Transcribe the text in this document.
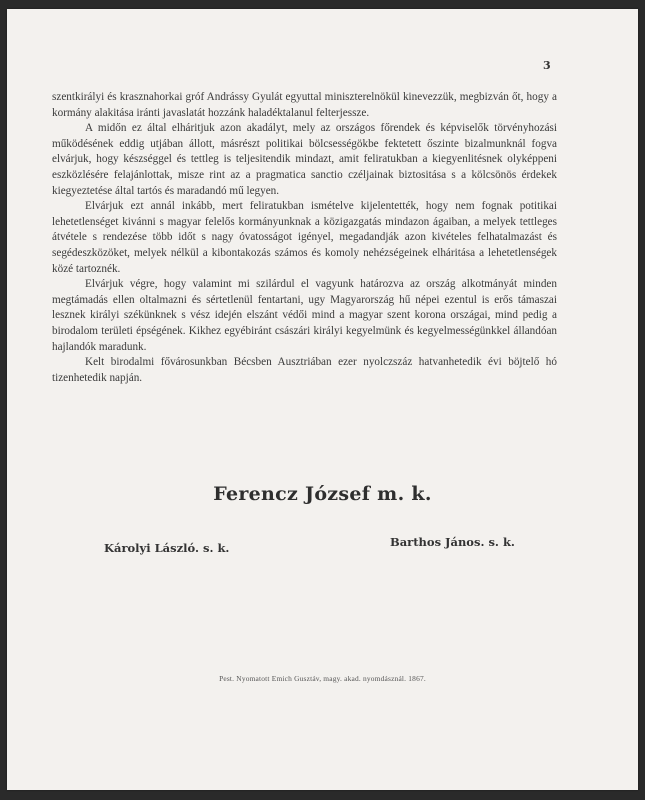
3

szentkirályi és krasznahorkai gróf Andrássy Gyulát egyuttal miniszterelnökül kinevezzük, megbizván őt, hogy a kormány alakitása iránti javaslatát hozzánk haladéktalanul felterjessze.

A midőn ez által elháritjuk azon akadályt, mely az országos főrendek és képviselők törvényhozási működésének eddig utjában állott, másrészt politikai bölcsességökbe fektetett őszinte bizalmunknál fogva elvárjuk, hogy készséggel és tettleg is teljesitendik mindazt, amit feliratukban a kiegyenlitésnek olyképpeni eszközlésére felajánlottak, misze rint az a pragmatica sanctio czéljainak biztositása s a kölcsönös érdekek kiegyeztetése által tartós és maradandó mű legyen.

Elvárjuk ezt annál inkább, mert feliratukban ismételve kijelentették, hogy nem fognak potitikai lehetetlenséget kivánni s magyar felelős kormányunknak a közigazgatás mindazon ágaiban, a melyek tettleges átvétele s rendezése több időt s nagy óvatosságot igényel, megadandják azon kivételes felhatalmazást és segédeszközöket, melyek nélkül a kibontakozás számos és komoly nehézségeinek elháritása a lehetetlenségek közé tartoznék.

Elvárjuk végre, hogy valamint mi szilárdul el vagyunk határozva az ország alkotmányát minden megtámadás ellen oltalmazni és sértetlenül fentartani, ugy Magyarország hű népei ezentul is erős támaszai lesznek királyi székünknek s vész idején elszánt védői mind a magyar szent korona országai, mind pedig a birodalom területi épségének. Kikhez egyébiránt császári királyi kegyelmünk és kegyelmességünkkel állandóan hajlandók maradunk.

Kelt birodalmi fővárosunkban Bécsben Ausztriában ezer nyolczszáz hatvanhetedik évi böjtelő hó tizenhetedik napján.

Ferencz József m. k.
Károlyi László. s. k.	Barthos János. s. k.
Pest. Nyomatott Emich Gusztáv, magy. akad. nyomdásznál. 1867.
